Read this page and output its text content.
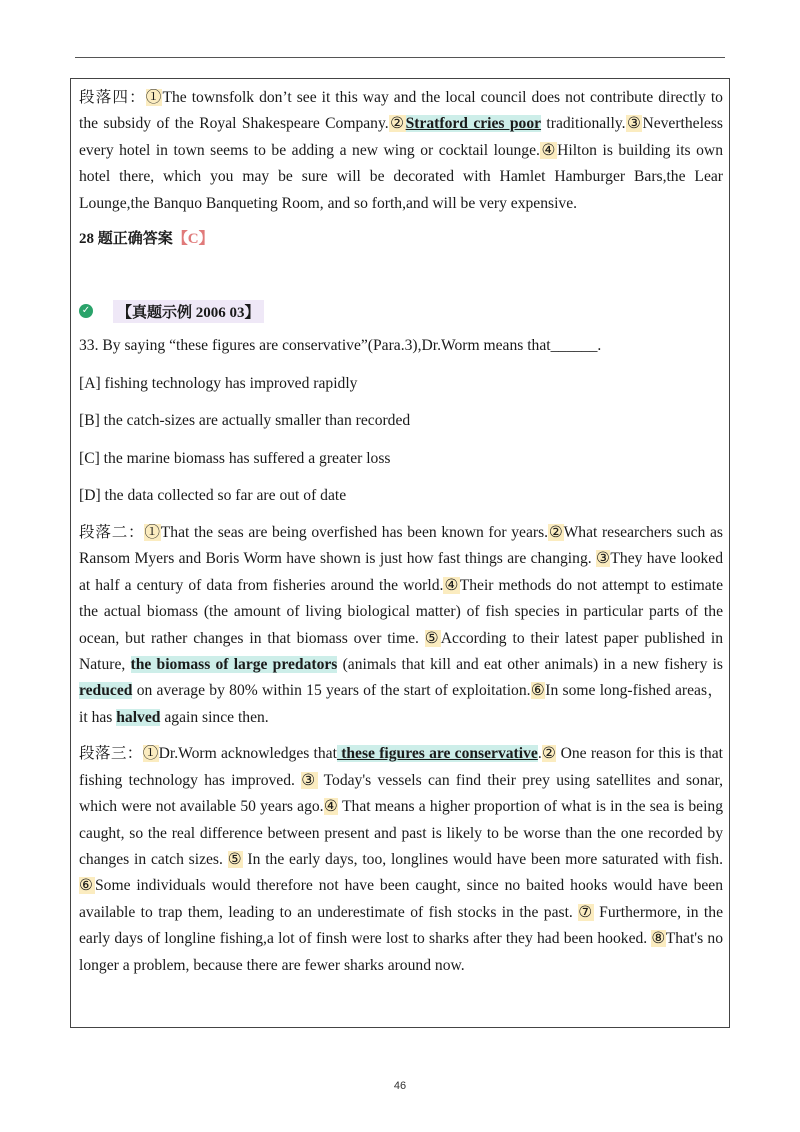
段落四：①The townsfolk don’t see it this way and the local council does not contribute directly to the subsidy of the Royal Shakespeare Company.②Stratford cries poor traditionally.③Nevertheless every hotel in town seems to be adding a new wing or cocktail lounge.④Hilton is building its own hotel there, which you may be sure will be decorated with Hamlet Hamburger Bars,the Lear Lounge,the Banquo Banqueting Room, and so forth,and will be very expensive.

28 题正确答案【C】
✓ 【真题示例 2006 03】
33. By saying “these figures are conservative”(Para.3),Dr.Worm means that______.
[A] fishing technology has improved rapidly
[B] the catch-sizes are actually smaller than recorded
[C] the marine biomass has suffered a greater loss
[D] the data collected so far are out of date

段落二：①That the seas are being overfished has been known for years.②What researchers such as Ransom Myers and Boris Worm have shown is just how fast things are changing. ③They have looked at half a century of data from fisheries around the world.④Their methods do not attempt to estimate the actual biomass (the amount of living biological matter) of fish species in particular parts of the ocean, but rather changes in that biomass over time. ⑤According to their latest paper published in Nature, the biomass of large predators (animals that kill and eat other animals) in a new fishery is reduced on average by 80% within 15 years of the start of exploitation.⑥In some long-fished areas，it has halved again since then.

段落三：①Dr.Worm acknowledges that these figures are conservative.② One reason for this is that fishing technology has improved. ③ Today's vessels can find their prey using satellites and sonar, which were not available 50 years ago.④ That means a higher proportion of what is in the sea is being caught, so the real difference between present and past is likely to be worse than the one recorded by changes in catch sizes. ⑤ In the early days, too, longlines would have been more saturated with fish. ⑥Some individuals would therefore not have been caught, since no baited hooks would have been available to trap them, leading to an underestimate of fish stocks in the past. ⑦ Furthermore, in the early days of longline fishing,a lot of finsh were lost to sharks after they had been hooked. ⑧That's no longer a problem, because there are fewer sharks around now.

46
